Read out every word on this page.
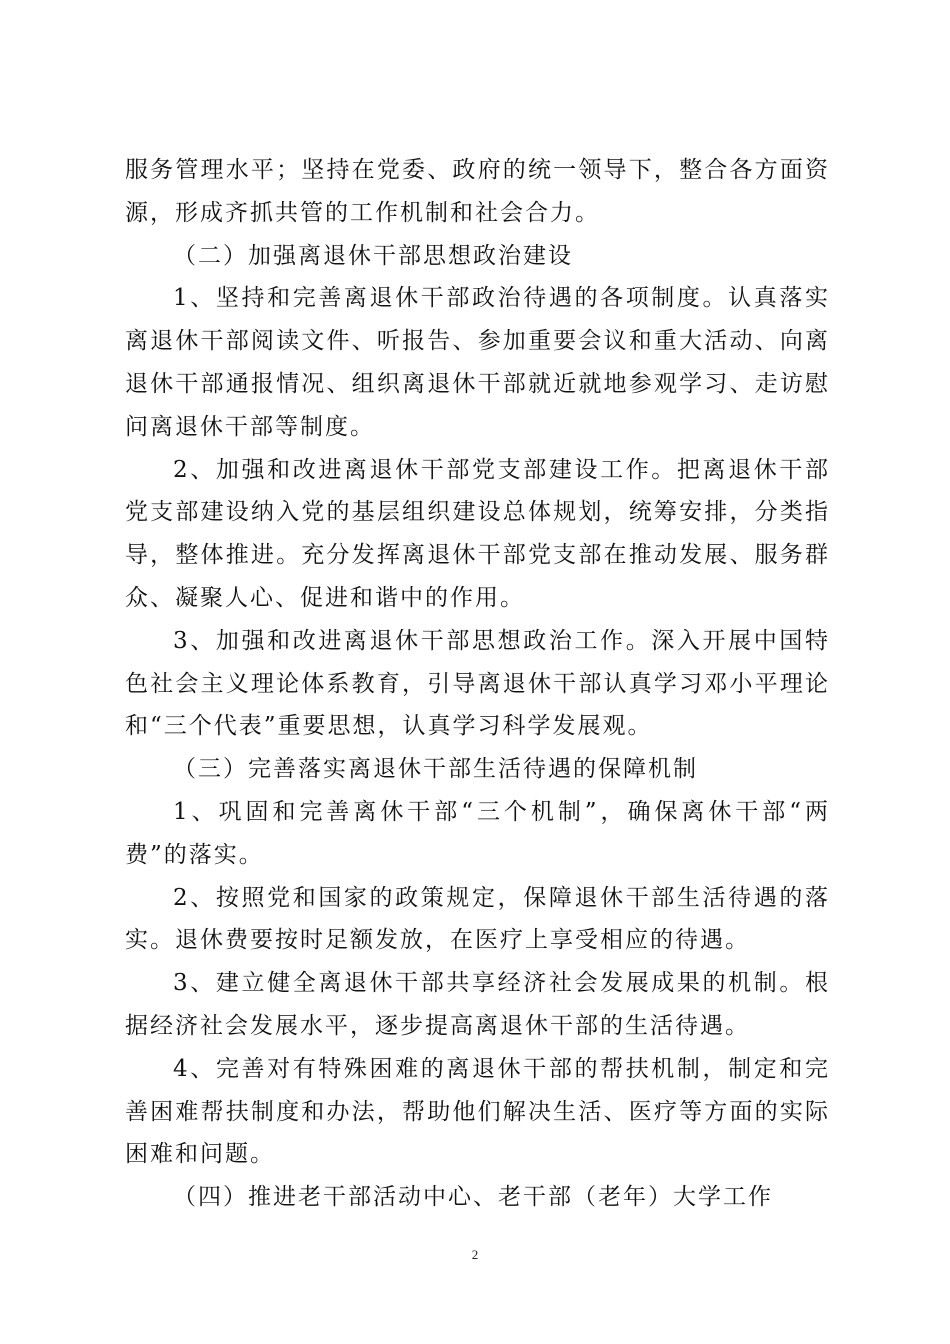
服务管理水平；坚持在党委、政府的统一领导下，整合各方面资源，形成齐抓共管的工作机制和社会合力。

（二）加强离退休干部思想政治建设

1、坚持和完善离退休干部政治待遇的各项制度。认真落实离退休干部阅读文件、听报告、参加重要会议和重大活动、向离退休干部通报情况、组织离退休干部就近就地参观学习、走访慰问离退休干部等制度。

2、加强和改进离退休干部党支部建设工作。把离退休干部党支部建设纳入党的基层组织建设总体规划，统筹安排，分类指导，整体推进。充分发挥离退休干部党支部在推动发展、服务群众、凝聚人心、促进和谐中的作用。

3、加强和改进离退休干部思想政治工作。深入开展中国特色社会主义理论体系教育，引导离退休干部认真学习邓小平理论和“三个代表”重要思想，认真学习科学发展观。

（三）完善落实离退休干部生活待遇的保障机制

1、巩固和完善离休干部“三个机制”，确保离休干部“两费”的落实。

2、按照党和国家的政策规定，保障退休干部生活待遇的落实。退休费要按时足额发放，在医疗上享受相应的待遇。

3、建立健全离退休干部共享经济社会发展成果的机制。根据经济社会发展水平，逐步提高离退休干部的生活待遇。

4、完善对有特殊困难的离退休干部的帮扶机制，制定和完善困难帮扶制度和办法，帮助他们解决生活、医疗等方面的实际困难和问题。

（四）推进老干部活动中心、老干部（老年）大学工作

2
